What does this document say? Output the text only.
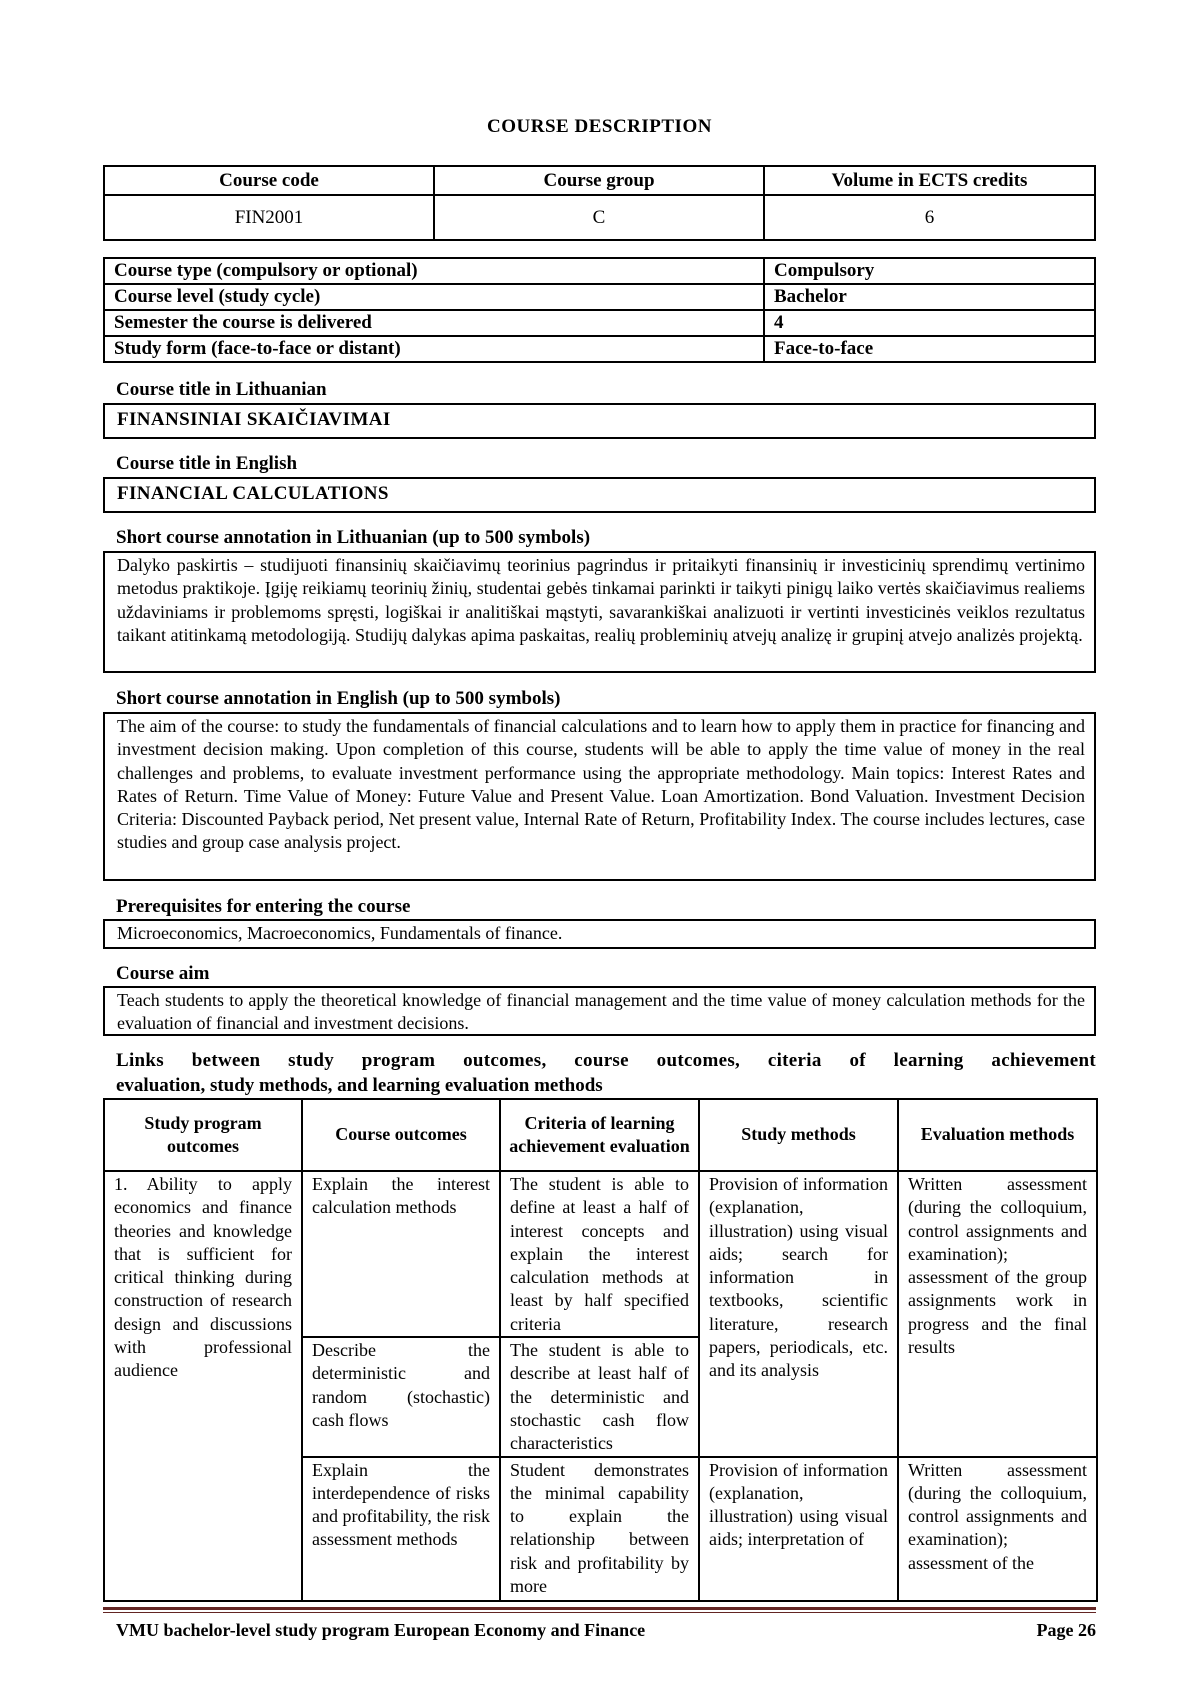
COURSE DESCRIPTION
Course code	Course group	Volume in ECTS credits
FIN2001	C	6
Course type (compulsory or optional)	Compulsory
Course level (study cycle)	Bachelor
Semester the course is delivered	4
Study form (face-to-face or distant)	Face-to-face
Course title in Lithuanian
FINANSINIAI SKAIČIAVIMAI
Course title in English
FINANCIAL CALCULATIONS
Short course annotation in Lithuanian (up to 500 symbols)
Dalyko paskirtis – studijuoti finansinių skaičiavimų teorinius pagrindus ir pritaikyti finansinių ir investicinių sprendimų vertinimo metodus praktikoje. Įgiję reikiamų teorinių žinių, studentai gebės tinkamai parinkti ir taikyti pinigų laiko vertės skaičiavimus realiems uždaviniams ir problemoms spręsti, logiškai ir analitiškai mąstyti, savarankiškai analizuoti ir vertinti investicinės veiklos rezultatus taikant atitinkamą metodologiją. Studijų dalykas apima paskaitas, realių probleminių atvejų analizę ir grupinį atvejo analizės projektą.
Short course annotation in English (up to 500 symbols)
The aim of the course: to study the fundamentals of financial calculations and to learn how to apply them in practice for financing and investment decision making. Upon completion of this course, students will be able to apply the time value of money in the real challenges and problems, to evaluate investment performance using the appropriate methodology. Main topics: Interest Rates and Rates of Return. Time Value of Money: Future Value and Present Value. Loan Amortization. Bond Valuation. Investment Decision Criteria: Discounted Payback period, Net present value, Internal Rate of Return, Profitability Index. The course includes lectures, case studies and group case analysis project.
Prerequisites for entering the course
Microeconomics, Macroeconomics, Fundamentals of finance.
Course aim
Teach students to apply the theoretical knowledge of financial management and the time value of money calculation methods for the evaluation of financial and investment decisions.
Links between study program outcomes, course outcomes, citeria of learning achievement
evaluation, study methods, and learning evaluation methods
Study program outcomes	Course outcomes	Criteria of learning achievement evaluation	Study methods	Evaluation methods
1. Ability to apply economics and finance theories and knowledge that is sufficient for critical thinking during construction of research design and discussions with professional audience	Explain the interest calculation methods	The student is able to define at least a half of interest concepts and explain the interest calculation methods at least by half specified criteria	Provision of information (explanation, illustration) using visual aids; search for information in textbooks, scientific literature, research papers, periodicals, etc. and its analysis	Written assessment (during the colloquium, control assignments and examination); assessment of the group assignments work in progress and the final results
	Describe the deterministic and random (stochastic) cash flows	The student is able to describe at least half of the deterministic and stochastic cash flow characteristics		
	Explain the interdependence of risks and profitability, the risk assessment methods	Student demonstrates the minimal capability to explain the relationship between risk and profitability by more	Provision of information (explanation, illustration) using visual aids; interpretation of	Written assessment (during the colloquium, control assignments and examination); assessment of the
VMU bachelor-level study program European Economy and Finance	Page 26
